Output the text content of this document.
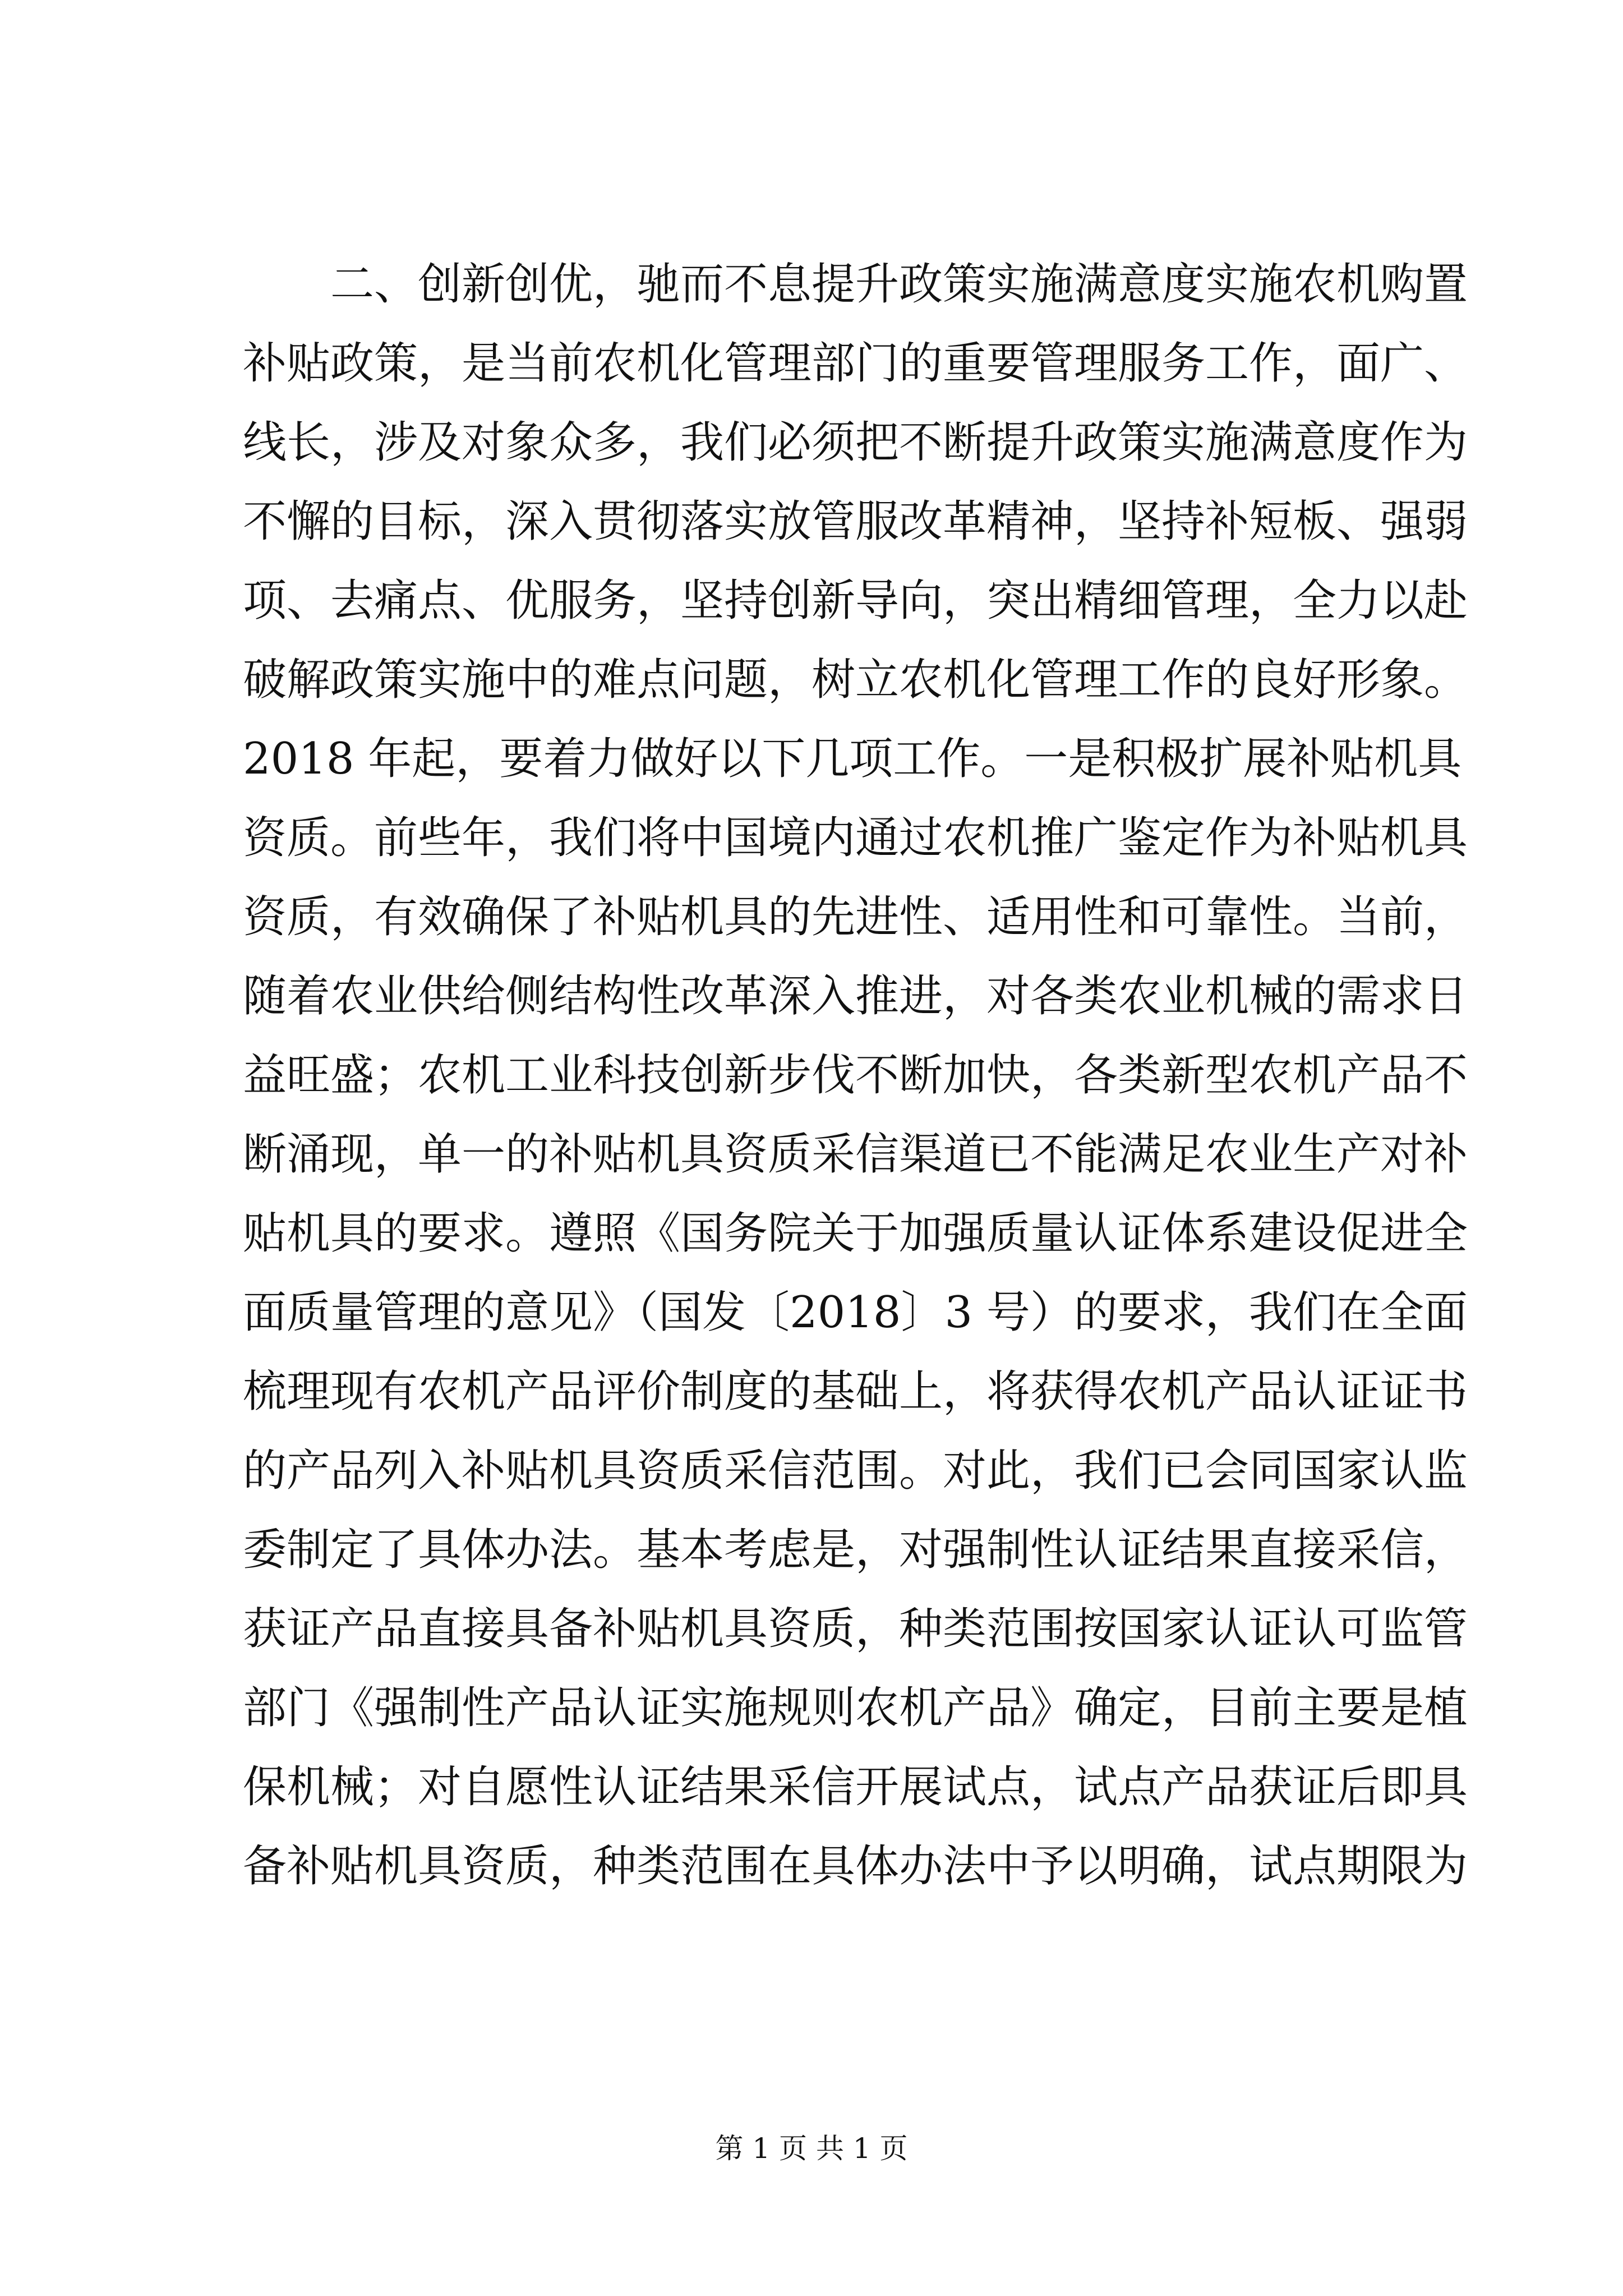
二、创新创优，驰而不息提升政策实施满意度实施农机购置
补贴政策，是当前农机化管理部门的重要管理服务工作，面广、
线长，涉及对象众多，我们必须把不断提升政策实施满意度作为
不懈的目标，深入贯彻落实放管服改革精神，坚持补短板、强弱
项、去痛点、优服务，坚持创新导向，突出精细管理，全力以赴
破解政策实施中的难点问题，树立农机化管理工作的良好形象。
2018 年起，要着力做好以下几项工作。一是积极扩展补贴机具
资质。前些年，我们将中国境内通过农机推广鉴定作为补贴机具
资质，有效确保了补贴机具的先进性、适用性和可靠性。当前，
随着农业供给侧结构性改革深入推进，对各类农业机械的需求日
益旺盛；农机工业科技创新步伐不断加快，各类新型农机产品不
断涌现，单一的补贴机具资质采信渠道已不能满足农业生产对补
贴机具的要求。遵照《国务院关于加强质量认证体系建设促进全
面质量管理的意见》（国发〔2018〕3 号）的要求，我们在全面
梳理现有农机产品评价制度的基础上，将获得农机产品认证证书
的产品列入补贴机具资质采信范围。对此，我们已会同国家认监
委制定了具体办法。基本考虑是，对强制性认证结果直接采信，
获证产品直接具备补贴机具资质，种类范围按国家认证认可监管
部门《强制性产品认证实施规则农机产品》确定，目前主要是植
保机械；对自愿性认证结果采信开展试点，试点产品获证后即具
备补贴机具资质，种类范围在具体办法中予以明确，试点期限为
第 1 页 共 1 页
